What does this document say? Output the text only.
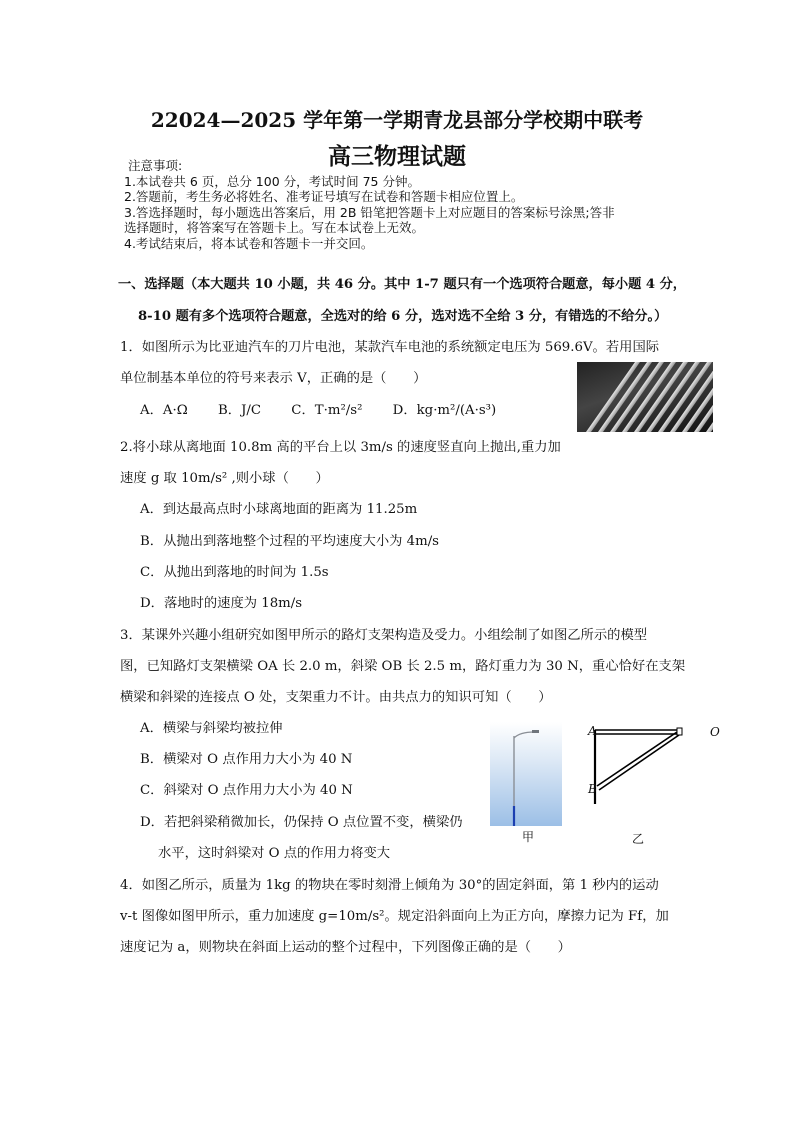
22024—2025 学年第一学期青龙县部分学校期中联考
高三物理试题
注意事项:
1.本试卷共 6 页，总分 100 分，考试时间 75 分钟。
2.答题前，考生务必将姓名、准考证号填写在试卷和答题卡相应位置上。
3.答选择题时，每小题选出答案后，用 2B 铅笔把答题卡上对应题目的答案标号涂黑;答非
选择题时，将答案写在答题卡上。写在本试卷上无效。
4.考试结束后，将本试卷和答题卡一并交回。
一、选择题（本大题共 10 小题，共 46 分。其中 1-7 题只有一个选项符合题意，每小题 4 分，
8-10 题有多个选项符合题意，全选对的给 6 分，选对选不全给 3 分，有错选的不给分。）
1．如图所示为比亚迪汽车的刀片电池，某款汽车电池的系统额定电压为 569.6V。若用国际
单位制基本单位的符号来表示 V，正确的是（　　）
A．A·Ω B．J/C C．T·m²/s² D．kg·m²/(A·s³)
2.将小球从离地面 10.8m 高的平台上以 3m/s 的速度竖直向上抛出,重力加
速度 g 取 10m/s² ,则小球（　　）
A．到达最高点时小球离地面的距离为 11.25m
B．从抛出到落地整个过程的平均速度大小为 4m/s
C．从抛出到落地的时间为 1.5s
D．落地时的速度为 18m/s
3．某课外兴趣小组研究如图甲所示的路灯支架构造及受力。小组绘制了如图乙所示的模型
图，已知路灯支架横梁 OA 长 2.0 m，斜梁 OB 长 2.5 m，路灯重力为 30 N，重心恰好在支架
横梁和斜梁的连接点 O 处，支架重力不计。由共点力的知识可知（　　）
A．横梁与斜梁均被拉伸
B．横梁对 O 点作用力大小为 40 N
C．斜梁对 O 点作用力大小为 40 N
D．若把斜梁稍微加长，仍保持 O 点位置不变，横梁仍
水平，这时斜梁对 O 点的作用力将变大
甲
A	O
B
乙
4．如图乙所示，质量为 1kg 的物块在零时刻滑上倾角为 30°的固定斜面，第 1 秒内的运动
v-t 图像如图甲所示，重力加速度 g=10m/s²。规定沿斜面向上为正方向，摩擦力记为 Ff，加
速度记为 a，则物块在斜面上运动的整个过程中，下列图像正确的是（　　）
